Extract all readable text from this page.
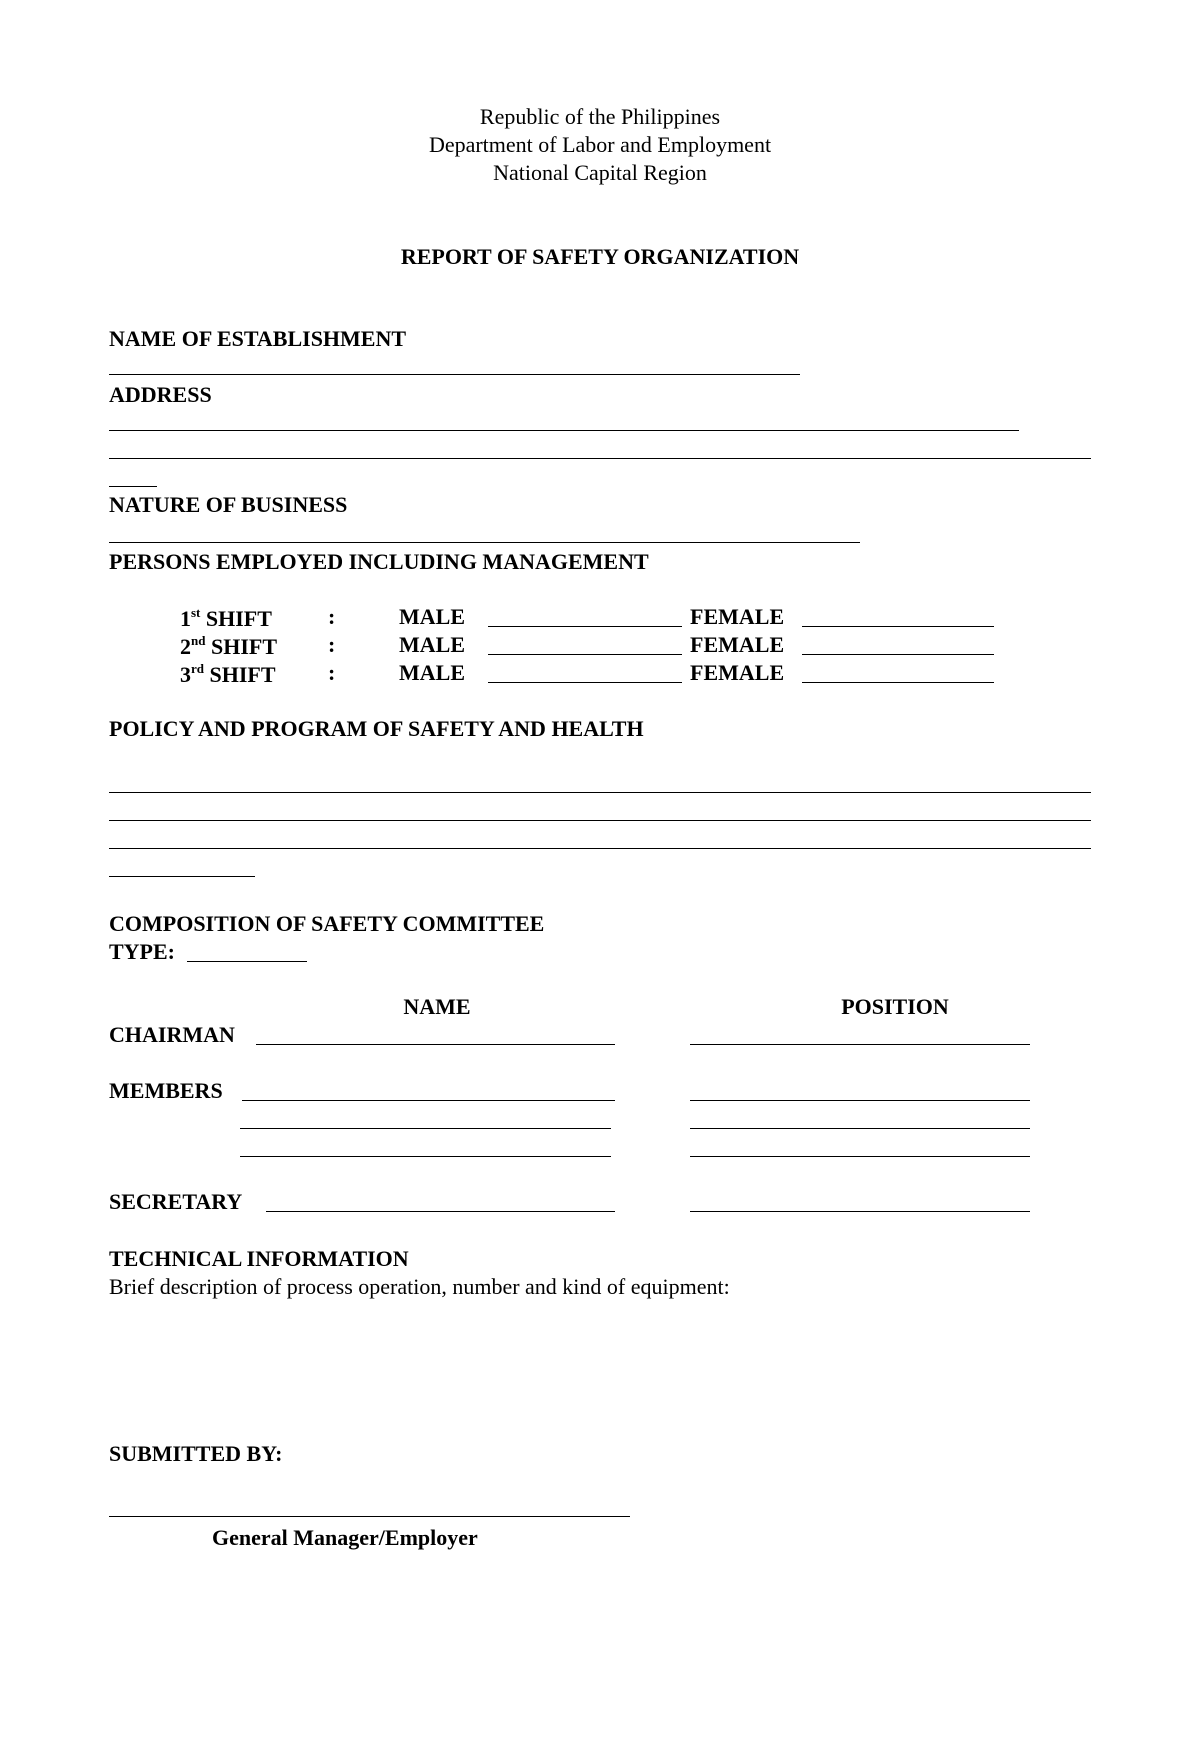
Republic of the Philippines
Department of Labor and Employment
National Capital Region
REPORT OF SAFETY ORGANIZATION
NAME OF ESTABLISHMENT
ADDRESS
NATURE OF BUSINESS
PERSONS EMPLOYED INCLUDING MANAGEMENT
1st SHIFT	:	MALE	FEMALE
2nd SHIFT :	MALE	FEMALE
3rd SHIFT :	MALE	FEMALE
POLICY AND PROGRAM OF SAFETY AND HEALTH
COMPOSITION OF SAFETY COMMITTEE
TYPE:
NAME	POSITION
CHAIRMAN
MEMBERS
SECRETARY
TECHNICAL INFORMATION
Brief description of process operation, number and kind of equipment:
SUBMITTED BY:
General Manager/Employer
